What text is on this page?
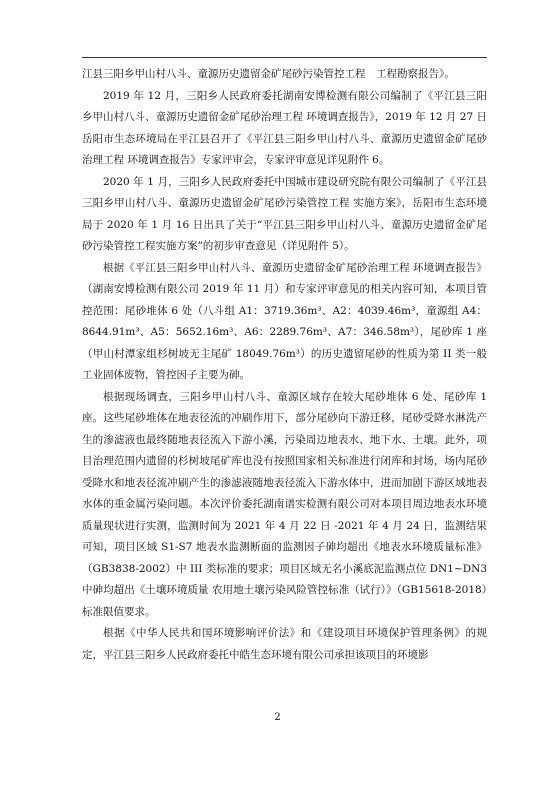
江县三阳乡甲山村八斗、童源历史遗留金矿尾砂污染管控工程　工程勘察报告》。

2019 年 12 月，三阳乡人民政府委托湖南安博检测有限公司编制了《平江县三阳乡甲山村八斗、童源历史遗留金矿尾砂治理工程 环境调查报告》，2019 年 12 月 27 日岳阳市生态环境局在平江县召开了《平江县三阳乡甲山村八斗、童源历史遗留金矿尾砂治理工程 环境调查报告》专家评审会，专家评审意见详见附件 6。

2020 年 1 月，三阳乡人民政府委托中国城市建设研究院有限公司编制了《平江县三阳乡甲山村八斗、童源历史遗留金矿尾砂污染管控工程 实施方案》，岳阳市生态环境局于 2020 年 1 月 16 日出具了关于“平江县三阳乡甲山村八斗、童源历史遗留金矿尾砂污染管控工程实施方案”的初步审查意见（详见附件 5）。

根据《平江县三阳乡甲山村八斗、童源历史遗留金矿尾砂治理工程 环境调查报告》（湖南安博检测有限公司 2019 年 11 月）和专家评审意见的相关内容可知，本项目管控范围：尾砂堆体 6 处（八斗组 A1：3719.36m³、A2：4039.46m³，童源组 A4：8644.91m³、A5：5652.16m³、A6：2289.76m³、A7：346.58m³），尾砂库 1 座（甲山村潭家组杉树坡无主尾矿 18049.76m³）的历史遗留尾砂的性质为第 II 类一般工业固体废物，管控因子主要为砷。

根据现场调查，三阳乡甲山村八斗、童源区域存在较大尾砂堆体 6 处、尾砂库 1 座。这些尾砂堆体在地表径流的冲刷作用下，部分尾砂向下游迁移，尾砂受降水淋洗产生的渗滤液也最终随地表径流入下游小溪，污染周边地表水、地下水、土壤。此外，项目治理范围内遗留的杉树坡尾矿库也没有按照国家相关标准进行闭库和封场，场内尾砂受降水和地表径流冲刷产生的渗滤液随地表径流入下游水体中，进而加剧下游区域地表水体的重金属污染问题。本次评价委托湖南谱实检测有限公司对本项目周边地表水环境质量现状进行实测，监测时间为 2021 年 4 月 22 日 -2021 年 4 月 24 日，监测结果可知，项目区域 S1-S7 地表水监测断面的监测因子砷均超出《地表水环境质量标准》（GB3838-2002）中 III 类标准的要求；项目区域无名小溪底泥监测点位 DN1~DN3 中砷均超出《土壤环境质量 农用地土壤污染风险管控标准（试行）》（GB15618-2018）标准限值要求。

根据《中华人民共和国环境影响评价法》和《建设项目环境保护管理条例》的规定，平江县三阳乡人民政府委托中皓生态环境有限公司承担该项目的环境影

2
